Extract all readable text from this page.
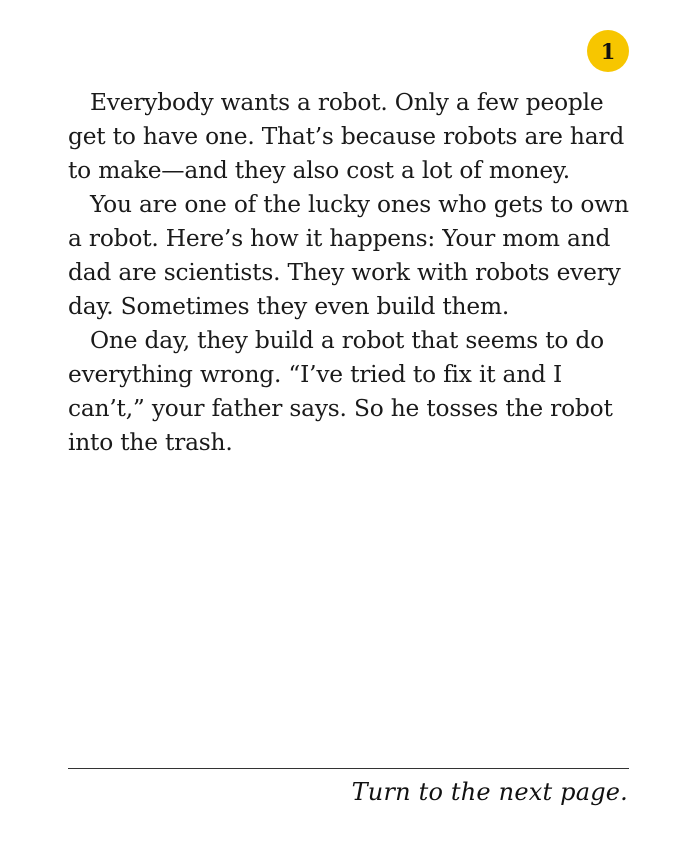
1

Everybody wants a robot. Only a few people get to have one. That’s because robots are hard to make—and they also cost a lot of money.

You are one of the lucky ones who gets to own a robot. Here’s how it happens: Your mom and dad are scientists. They work with robots every day. Sometimes they even build them.

One day, they build a robot that seems to do everything wrong. “I’ve tried to fix it and I can’t,” your father says. So he tosses the robot into the trash.

Turn to the next page.
